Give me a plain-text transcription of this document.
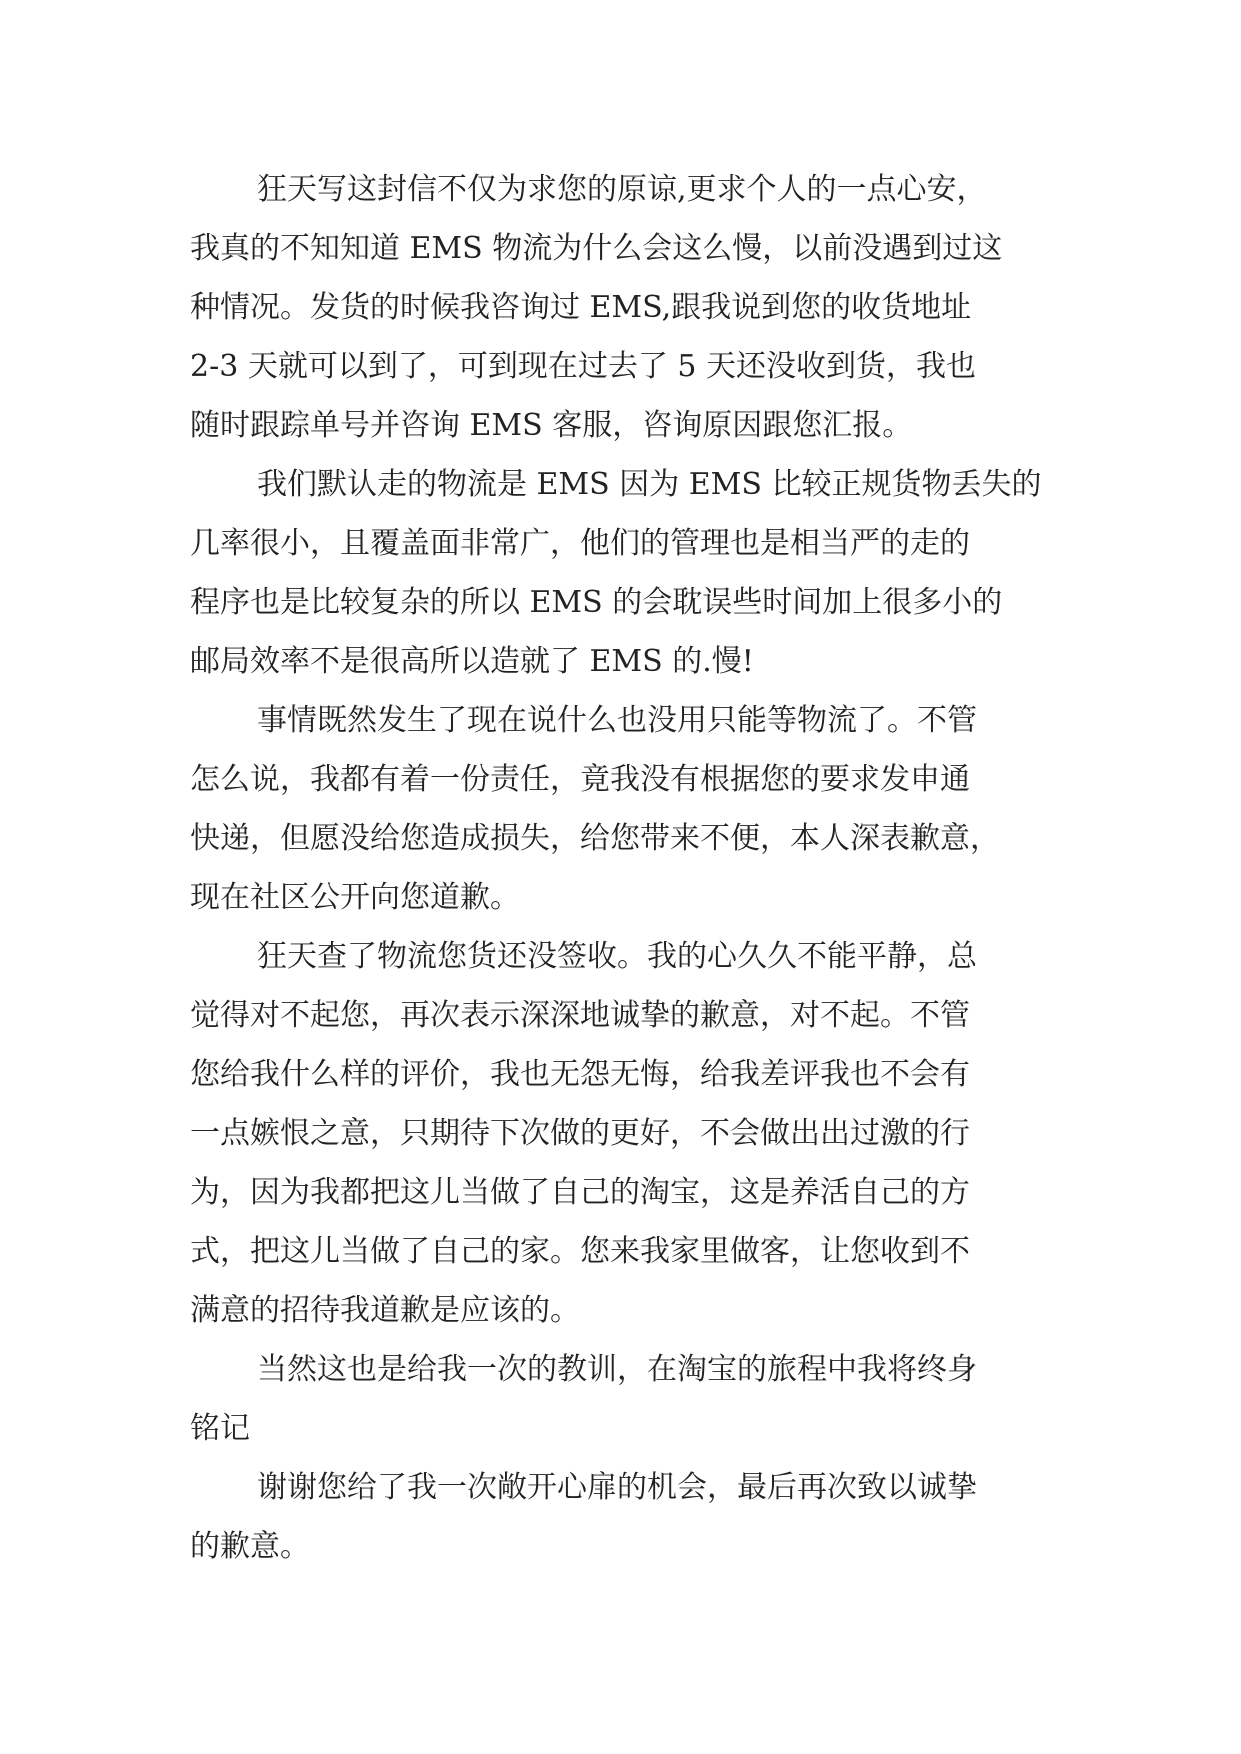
狂天写这封信不仅为求您的原谅,更求个人的一点心安，
我真的不知知道 EMS 物流为什么会这么慢，以前没遇到过这
种情况。发货的时候我咨询过 EMS,跟我说到您的收货地址
2-3 天就可以到了，可到现在过去了 5 天还没收到货，我也
随时跟踪单号并咨询 EMS 客服，咨询原因跟您汇报。
我们默认走的物流是 EMS 因为 EMS 比较正规货物丢失的
几率很小，且覆盖面非常广，他们的管理也是相当严的走的
程序也是比较复杂的所以 EMS 的会耽误些时间加上很多小的
邮局效率不是很高所以造就了 EMS 的.慢!
事情既然发生了现在说什么也没用只能等物流了。不管
怎么说，我都有着一份责任，竟我没有根据您的要求发申通
快递，但愿没给您造成损失，给您带来不便，本人深表歉意，
现在社区公开向您道歉。
狂天查了物流您货还没签收。我的心久久不能平静，总
觉得对不起您，再次表示深深地诚挚的歉意，对不起。不管
您给我什么样的评价，我也无怨无悔，给我差评我也不会有
一点嫉恨之意，只期待下次做的更好，不会做出出过激的行
为，因为我都把这儿当做了自己的淘宝，这是养活自己的方
式，把这儿当做了自己的家。您来我家里做客，让您收到不
满意的招待我道歉是应该的。
当然这也是给我一次的教训，在淘宝的旅程中我将终身
铭记
谢谢您给了我一次敞开心扉的机会，最后再次致以诚挚
的歉意。
